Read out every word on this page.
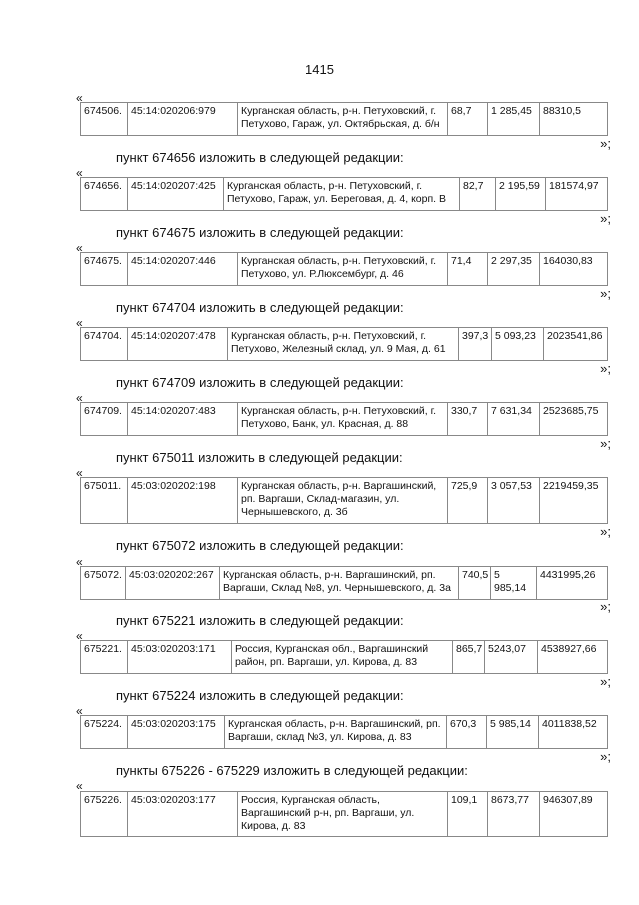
1415
«
674506.	45:14:020206:979	Курганская область, р-н. Петуховский, г. Петухово, Гараж, ул. Октябрьская, д. б/н	68,7	1 285,45	88310,5
»;
пункт 674656 изложить в следующей редакции:
«
674656.	45:14:020207:425	Курганская область, р-н. Петуховский, г. Петухово, Гараж, ул. Береговая, д. 4, корп. В	82,7	2 195,59	181574,97
»;
пункт 674675 изложить в следующей редакции:
«
674675.	45:14:020207:446	Курганская область, р-н. Петуховский, г. Петухово, ул. Р.Люксембург, д. 46	71,4	2 297,35	164030,83
»;
пункт 674704 изложить в следующей редакции:
«
674704.	45:14:020207:478	Курганская область, р-н. Петуховский, г. Петухово, Железный склад, ул. 9 Мая, д. 61	397,3	5 093,23	2023541,86
»;
пункт 674709 изложить в следующей редакции:
«
674709.	45:14:020207:483	Курганская область, р-н. Петуховский, г. Петухово, Банк, ул. Красная, д. 88	330,7	7 631,34	2523685,75
»;
пункт 675011 изложить в следующей редакции:
«
675011.	45:03:020202:198	Курганская область, р-н. Варгашинский, рп. Варгаши, Склад-магазин, ул. Чернышевского, д. 3б	725,9	3 057,53	2219459,35
»;
пункт 675072 изложить в следующей редакции:
«
675072.	45:03:020202:267	Курганская область, р-н. Варгашинский, рп. Варгаши, Склад №8, ул. Чернышевского, д. 3а	740,5	5 985,14	4431995,26
»;
пункт 675221 изложить в следующей редакции:
«
675221.	45:03:020203:171	Россия, Курганская обл., Варгашинский район, рп. Варгаши, ул. Кирова, д. 83	865,7	5243,07	4538927,66
»;
пункт 675224 изложить в следующей редакции:
«
675224.	45:03:020203:175	Курганская область, р-н. Варгашинский, рп. Варгаши, склад №3, ул. Кирова, д. 83	670,3	5 985,14	4011838,52
»;
пункты 675226 - 675229 изложить в следующей редакции:
«
675226.	45:03:020203:177	Россия, Курганская область, Варгашинский р-н, рп. Варгаши, ул. Кирова, д. 83	109,1	8673,77	946307,89
